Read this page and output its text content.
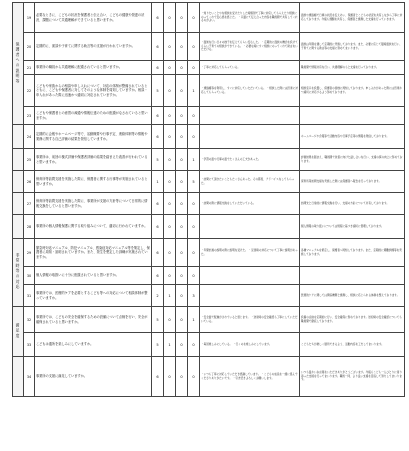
保護者への説明等	19	必要なときに、こどもの状況を保護者と伝え合い、こどもの健康や発達の状況、課題について共通理解ができていると思いますか。	6	0	0	0	・知りたいことやを相談を受けたりした時個別で丁寧に対応してもらえたり相談にのってくれて安心感を感じた。 ・口頭にて伝え合った内容を職員間で共有してくれるのがよい。	面談や連絡帳で日頃の状況を伝えあい、保護者とこどもの状況を共有しながら丁寧に対応しております。今後も課題を共有し、保護者と連携した支援を行っていきます。
	20	定期的に、面談や子育てに関する助言等の支援が行われていますか。	6	0	0	0	・面談を行い日々の様子を伝えてもらい安心した。 ・定期的に面談の機会を設けてもらい子育ての相談ができている。 ・必要な時にすぐ相談にのってくれて助言をいただける。	面談は年間を通して定期的に実施しております。また、必要に応じて随時面談を行い、子育てに関する助言等の支援に努めてまいります。
	21	事業所の職員から共通理解に配慮されていると思いますか。	6	0	0	0	・丁寧に対応してもらっている。	職員間で情報共有を行い、共通理解のもと支援を行っております。
	22	こどもや家族からの相談や申し入れについて、対応の体制が整備されているとともに、こどもや保護者に対してそのような体制を周知していますか。相談・申入れがあった際に迅速かつ適切に対応されていますか。	5	0	0	1	・連絡帳等を利用し、すぐに対応していただいている。 ・相談した際には迅速に対応してもらっている。	相談窓口を設置し、保護者の皆様に周知しております。申し入れがあった際には迅速かつ適切に対応するよう努めております。
	23	こどもや保護者との意思の疎通や情報伝達のための配慮がなされていると思いますか。	6	0	0	0		
	24	定期的に会報やホームページ等で、活動概要や行事予定、連絡体制等の情報や業務に関する自己評価の結果を発信していますか。	6	0	0	0		ホームページや会報等で活動内容や行事予定等の情報を発信しております。
	25	事業所は、前回の様式評価や保護者評価の結果を踏まえた改善が行われていると思いますか。	5	0	0	1	・学習の面や行事の面でたくさんの工夫があった。	評価結果を踏まえ、職員間で改善に向けた話し合いを行い、支援の質の向上に努めております。
	26	保育所等訪問支援を実施した際に、保護者に関する行事等が実施されていると思いますか。	1	0	0	5	・訪問にて頂きたいこともたくさんあった。その都度、アドバイスをしてもらった。	保育所等訪問支援を実施した際には保護者へ報告を行っております。
	27	保育所等訪問支援を実施した際に、事業所が支援の方針等について日常的に情報交換をしていると思いますか。	6	0	0	0	・訪問の際に情報交換をしていただいている。	訪問先と日常的に情報交換を行い、支援の方針について共有しております。
	28	事業所の個人情報保護に関する取り組みについて、適切に行われていますか。	6	0	0	0		個人情報の取り扱いについては規程に基づき適切に管理しております。
非常時等の対応	29	緊急時対応マニュアル、防犯マニュアル、感染症対応マニュアル等を策定し、保護者に周知・説明されていますか。また、発生を想定した訓練が実施されていますか。	6	0	0	0	・年間計画の説明の際に説明を受けた。 ・災害時の対応について丁寧に説明があった。	各種マニュアルを策定し、保護者へ周知しております。また、定期的に避難訓練等を実施しております。
	30	個人情報の取扱いに十分に配慮されていると思いますか。	6	0	0	0		
	31	事業所では、医療的ケアを必要とするこども等への対応について相談体制が整っていますか。	2	1	0	3		医療的ケアに関しては関係機関と連携し、相談に応じられる体制を整えております。
満足度	32	事業所では、こどもの安全を確保するための設備について点検を行い、安全が確保されていると思いますか。	5	0	0	1	・安全面で配慮がされていると感じます。 ・送迎時の安全確認も丁寧にしていただいている。	設備の点検を定期的に行い、安全確保に努めております。送迎時の安全確認についても職員間で徹底しております。
	33	こどもは通所を楽しみにしていますか。	5	1	0	0	・毎回楽しみにしている。 ・行くのを楽しみにしています。	こどもたちが楽しく通所できるよう、活動内容を工夫してまいります。
	34	事業所の支援に満足していますか。	6	0	0	0	・いつも丁寧に対応していただき感謝しています。 ・こどもの成長を一緒に喜んでくださりありがたいです。 ・引き続きよろしくお願いします。	いつも温かいお言葉をいただきありがとうございます。今後もこども一人ひとりに寄り添った支援を行ってまいります。職員一同、より良い支援を目指して努力してまいります。
